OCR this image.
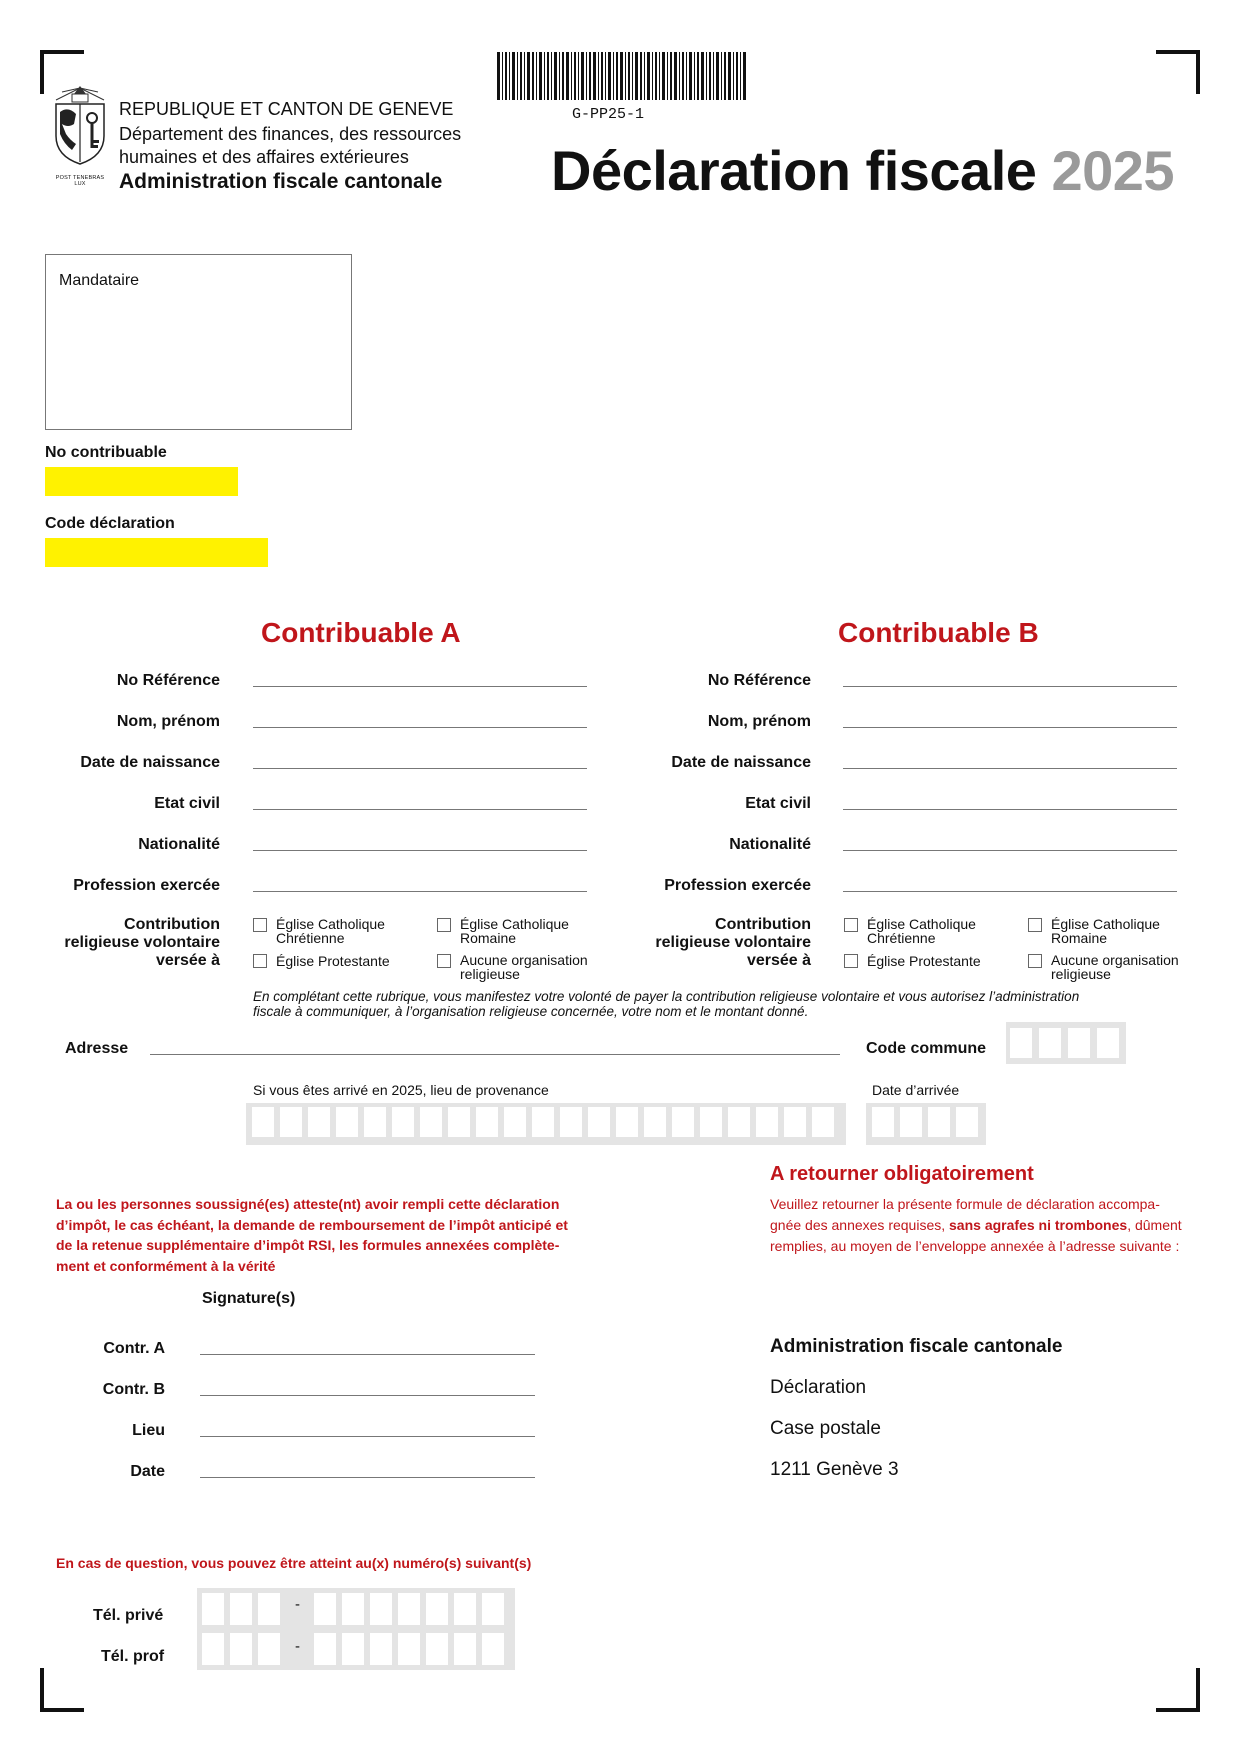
POST TENEBRAS LUX
REPUBLIQUE ET CANTON DE GENEVE
Département des finances, des ressources
humaines et des affaires extérieures
Administration fiscale cantonale
G-PP25-1
Déclaration fiscale 2025
Mandataire
No contribuable
Code déclaration
Contribuable A
No Référence
Nom, prénom
Date de naissance
Etat civil
Nationalité
Profession exercée
Contribution
religieuse volontaire
versée à
Église Catholique
Chrétienne
Église Catholique
Romaine
Église Protestante	Aucune organisation
religieuse
Contribuable B
No Référence
Nom, prénom
Date de naissance
Etat civil
Nationalité
Profession exercée
Contribution
religieuse volontaire
versée à
Église Catholique
Chrétienne
Église Catholique
Romaine
Église Protestante	Aucune organisation
religieuse
En complétant cette rubrique, vous manifestez votre volonté de payer la contribution religieuse volontaire et vous autorisez l’administration
fiscale à communiquer, à l’organisation religieuse concernée, votre nom et le montant donné.
Adresse	Code commune
Si vous êtes arrivé en 2025, lieu de provenance	Date d’arrivée
A retourner obligatoirement
Veuillez retourner la présente formule de déclaration accompa-
gnée des annexes requises, sans agrafes ni trombones, dûment
remplies, au moyen de l’enveloppe annexée à l’adresse suivante :
La ou les personnes soussigné(es) atteste(nt) avoir rempli cette déclaration
d’impôt, le cas échéant, la demande de remboursement de l’impôt anticipé et
de la retenue supplémentaire d’impôt RSI, les formules annexées complète-
ment et conformément à la vérité
Signature(s)
Contr. A
Contr. B
Lieu
Date
Administration fiscale cantonale
Déclaration
Case postale
1211 Genève 3
En cas de question, vous pouvez être atteint au(x) numéro(s) suivant(s)
Tél. privé
Tél. prof
-
-
